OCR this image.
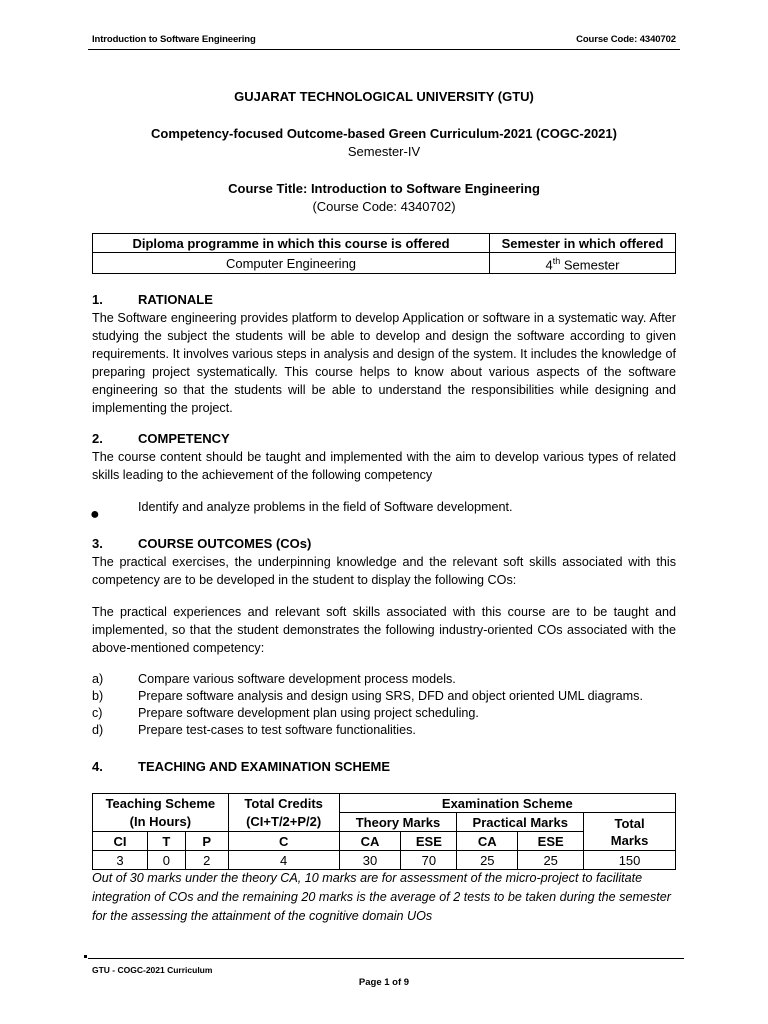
Introduction to Software Engineering	Course Code: 4340702
GUJARAT TECHNOLOGICAL UNIVERSITY (GTU)
Competency-focused Outcome-based Green Curriculum-2021 (COGC-2021)
Semester-IV
Course Title: Introduction to Software Engineering
(Course Code: 4340702)
Diploma programme in which this course is offered	Semester in which offered
Computer Engineering	4th Semester
1.	RATIONALE
The Software engineering provides platform to develop Application or software in a systematic way. After studying the subject the students will be able to develop and design the software according to given requirements. It involves various steps in analysis and design of the system. It includes the knowledge of preparing project systematically. This course helps to know about various aspects of the software engineering so that the students will be able to understand the responsibilities while designing and implementing the project.
2.	COMPETENCY
The course content should be taught and implemented with the aim to develop various types of related skills leading to the achievement of the following competency
●	Identify and analyze problems in the field of Software development.
3.	COURSE OUTCOMES (COs)
The practical exercises, the underpinning knowledge and the relevant soft skills associated with this competency are to be developed in the student to display the following COs:
The practical experiences and relevant soft skills associated with this course are to be taught and implemented, so that the student demonstrates the following industry-oriented COs associated with the above-mentioned competency:
a)	Compare various software development process models.
b)	Prepare software analysis and design using SRS, DFD and object oriented UML diagrams.
c)	Prepare software development plan using project scheduling.
d)	Prepare test-cases to test software functionalities.
4.	TEACHING AND EXAMINATION SCHEME
Teaching Scheme			Total Credits	Examination Scheme				
(In Hours)			(CI+T/2+P/2)	Theory Marks		Practical Marks		Total
Marks
CI	T	P	C	CA	ESE	CA	ESE	
3	0	2	4	30	70	25	25	150
Out of 30 marks under the theory CA, 10 marks are for assessment of the micro-project to facilitate integration of COs and the remaining 20 marks is the average of 2 tests to be taken during the semester for the assessing the attainment of the cognitive domain UOs
GTU - COGC-2021 Curriculum
Page 1 of 9
